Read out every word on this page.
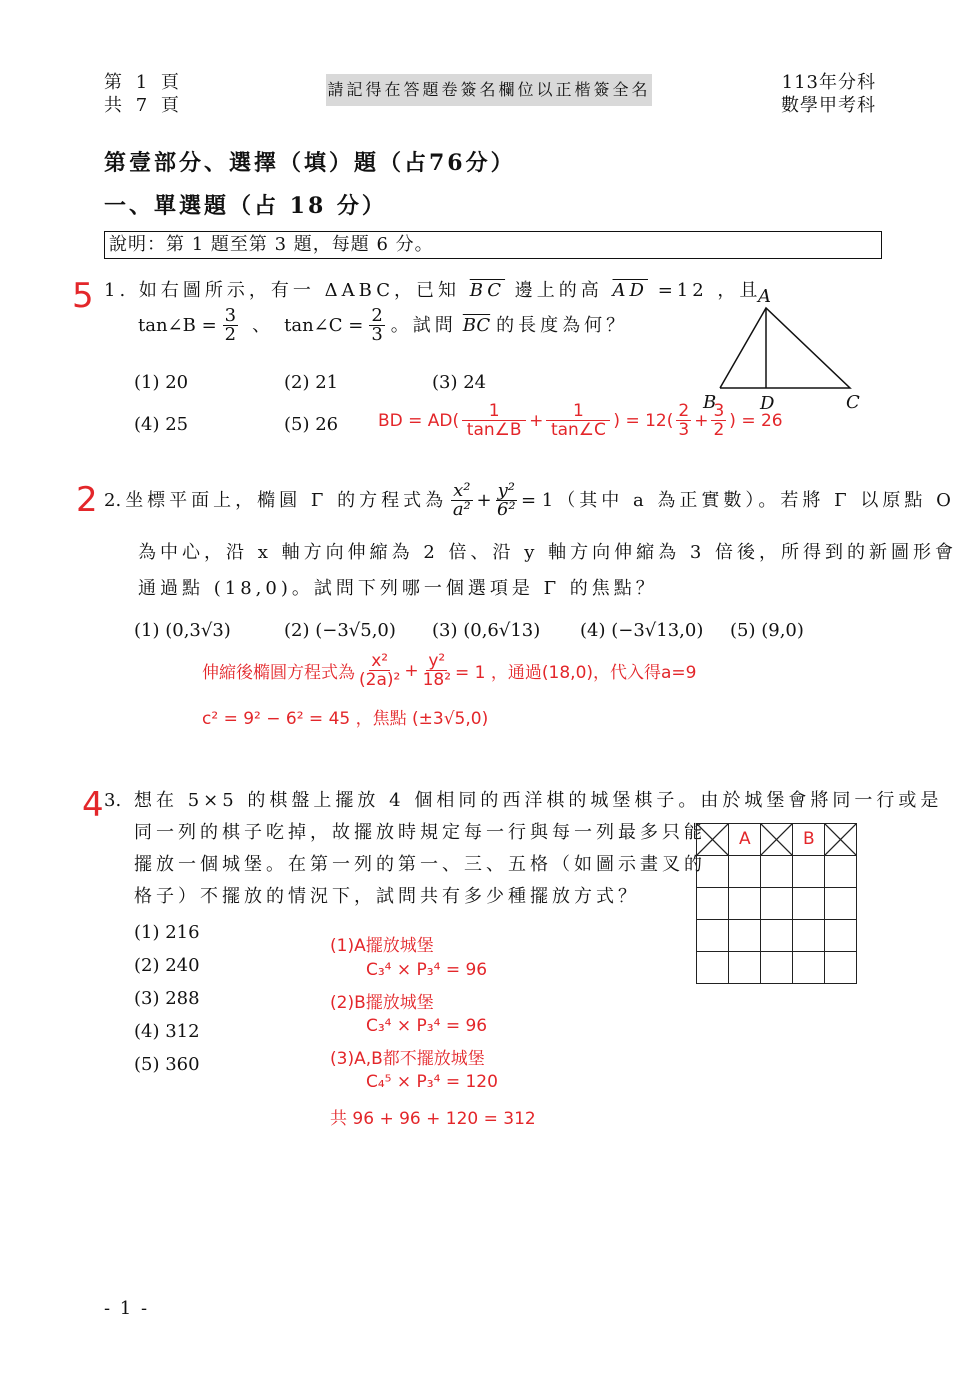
第 1 頁
共 7 頁
請記得在答題卷簽名欄位以正楷簽全名	113年分科
數學甲考科
第壹部分、選擇（填）題（占76分）
一、單選題（占 18 分）
說明：第 1 題至第 3 題，每題 6 分。
5 1. 如右圖所示，有一 ΔABC，已知 $\overline{BC}$ 邊上的高 $\overline{AD} =12$ ，且
tan∠B = $\frac{3}{2}$ 、 tan∠C = $\frac{2}{3}$ 。試問 $\overline{BC}$ 的長度為何？
(1) 20	(2) 21	(3) 24
(4) 25	(5) 26
A
B D	C
BD = $AD( \frac{1}{\tan\angle B} + \frac{1}{\tan\angle C}$ ) = $12( \frac{2}{3} + \frac{3}{2}$ ) = 26
2 2. 坐標平面上，橢圓 Γ 的方程式為 $\frac{\text{x²}}{\text{a²}} + \frac{\text{y²}}{\text{6²}} = 1$ （其中 a 為正實數）。若將 Γ 以原點 O
為中心，沿 x 軸方向伸縮為 2 倍、沿 y 軸方向伸縮為 3 倍後，所得到的新圖形會
通過點 (18,0)。試問下列哪一個選項是 Γ 的焦點？
(1) (0,3√3)	(2) (−3√5,0) (3) (0,6√13) (4) (−3√13,0) (5) (9,0)
伸縮後橢圓方程式為 $\frac{\text{x²}}{\text{(2a)²}} + \frac{\text{y²}}{\text{18²}} = 1$ ，通過(18,0)，代入得a=9
c² = 9² − 6² = 45 ，焦點 (±3√5,0)
4 3. 想在 5×5 的棋盤上擺放 4 個相同的西洋棋的城堡棋子。由於城堡會將同一行或是
同一列的棋子吃掉，故擺放時規定每一行與每一列最多只能
擺放一個城堡。在第一列的第一、三、五格（如圖示畫叉的
格子）不擺放的情況下，試問共有多少種擺放方式？
(1) 216
(2) 240
(3) 288
(4) 312
(5) 360

A		B

(1)A擺放城堡
C₃⁴ × P₃⁴ = 96
(2)B擺放城堡
C₃⁴ × P₃⁴ = 96
(3)A,B都不擺放城堡
C₄⁵ × P₃⁴ = 120
共 96 + 96 + 120 = 312
- 1 -
